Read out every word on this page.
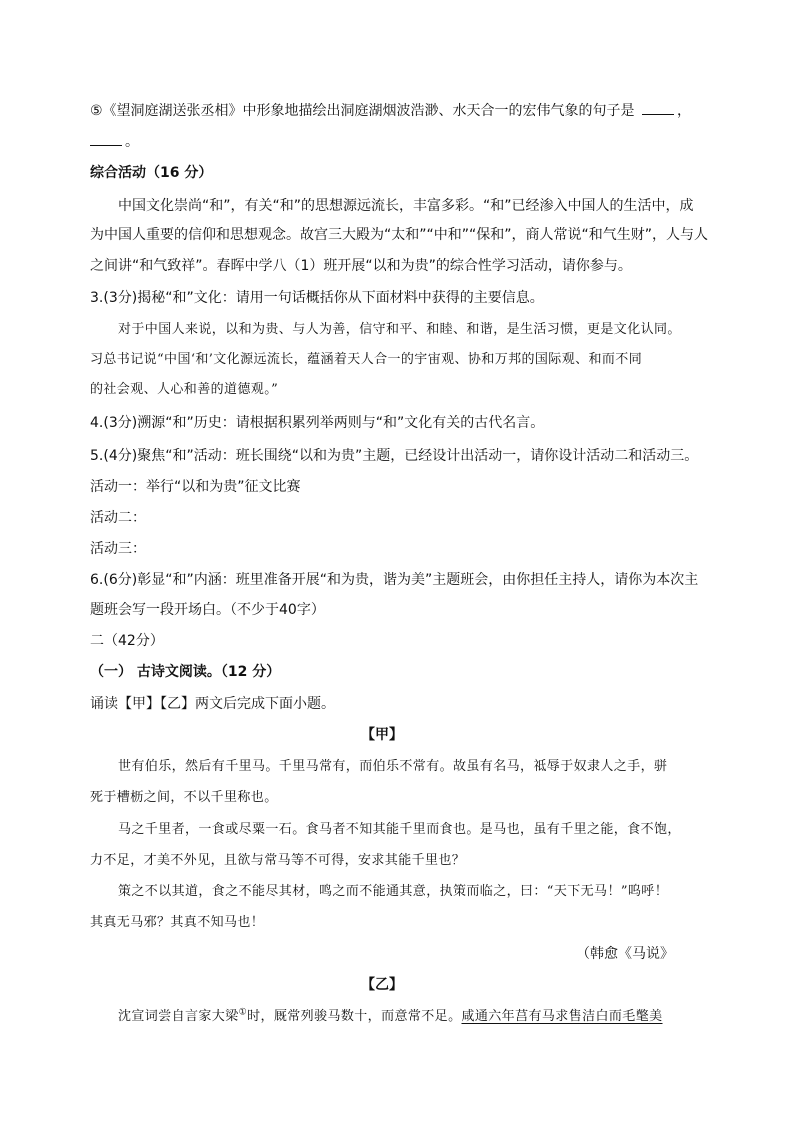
⑤《望洞庭湖送张丞相》中形象地描绘出洞庭湖烟波浩渺、水天合一的宏伟气象的句子是	，
。
综合活动（16 分）
中国文化崇尚“和”，有关“和”的思想源远流长，丰富多彩。“和”已经渗入中国人的生活中，成
为中国人重要的信仰和思想观念。故宫三大殿为“太和”“中和”“保和”，商人常说“和气生财”，人与人
之间讲“和气致祥”。春晖中学八（1）班开展“以和为贵”的综合性学习活动，请你参与。
3.(3分)揭秘“和”文化：请用一句话概括你从下面材料中获得的主要信息。
对于中国人来说，以和为贵、与人为善，信守和平、和睦、和谐，是生活习惯，更是文化认同。
习总书记说“中国‘和’文化源远流长，蕴涵着天人合一的宇宙观、协和万邦的国际观、和而不同
的社会观、人心和善的道德观。”
4.(3分)溯源“和”历史：请根据积累列举两则与“和”文化有关的古代名言。
5.(4分)聚焦“和”活动：班长围绕“以和为贵”主题，已经设计出活动一，请你设计活动二和活动三。
活动一：举行“以和为贵”征文比赛
活动二：
活动三：
6.(6分)彰显“和”内涵：班里准备开展“和为贵，谐为美”主题班会，由你担任主持人，请你为本次主
题班会写一段开场白。（不少于40字）
二（42分）
（一） 古诗文阅读。（12 分）
诵读【甲】【乙】两文后完成下面小题。
【甲】
世有伯乐，然后有千里马。千里马常有，而伯乐不常有。故虽有名马，祗辱于奴隶人之手，骈
死于槽枥之间，不以千里称也。
马之千里者，一食或尽粟一石。食马者不知其能千里而食也。是马也，虽有千里之能，食不饱，
力不足，才美不外见，且欲与常马等不可得，安求其能千里也？
策之不以其道，食之不能尽其材，鸣之而不能通其意，执策而临之，曰：“天下无马！”呜呼！
其真无马邪？其真不知马也！
（韩愈《马说》
【乙】
沈宣词尝自言家大梁①时，厩常列骏马数十，而意常不足。咸通六年莒有马求售洁白而毛氅美
